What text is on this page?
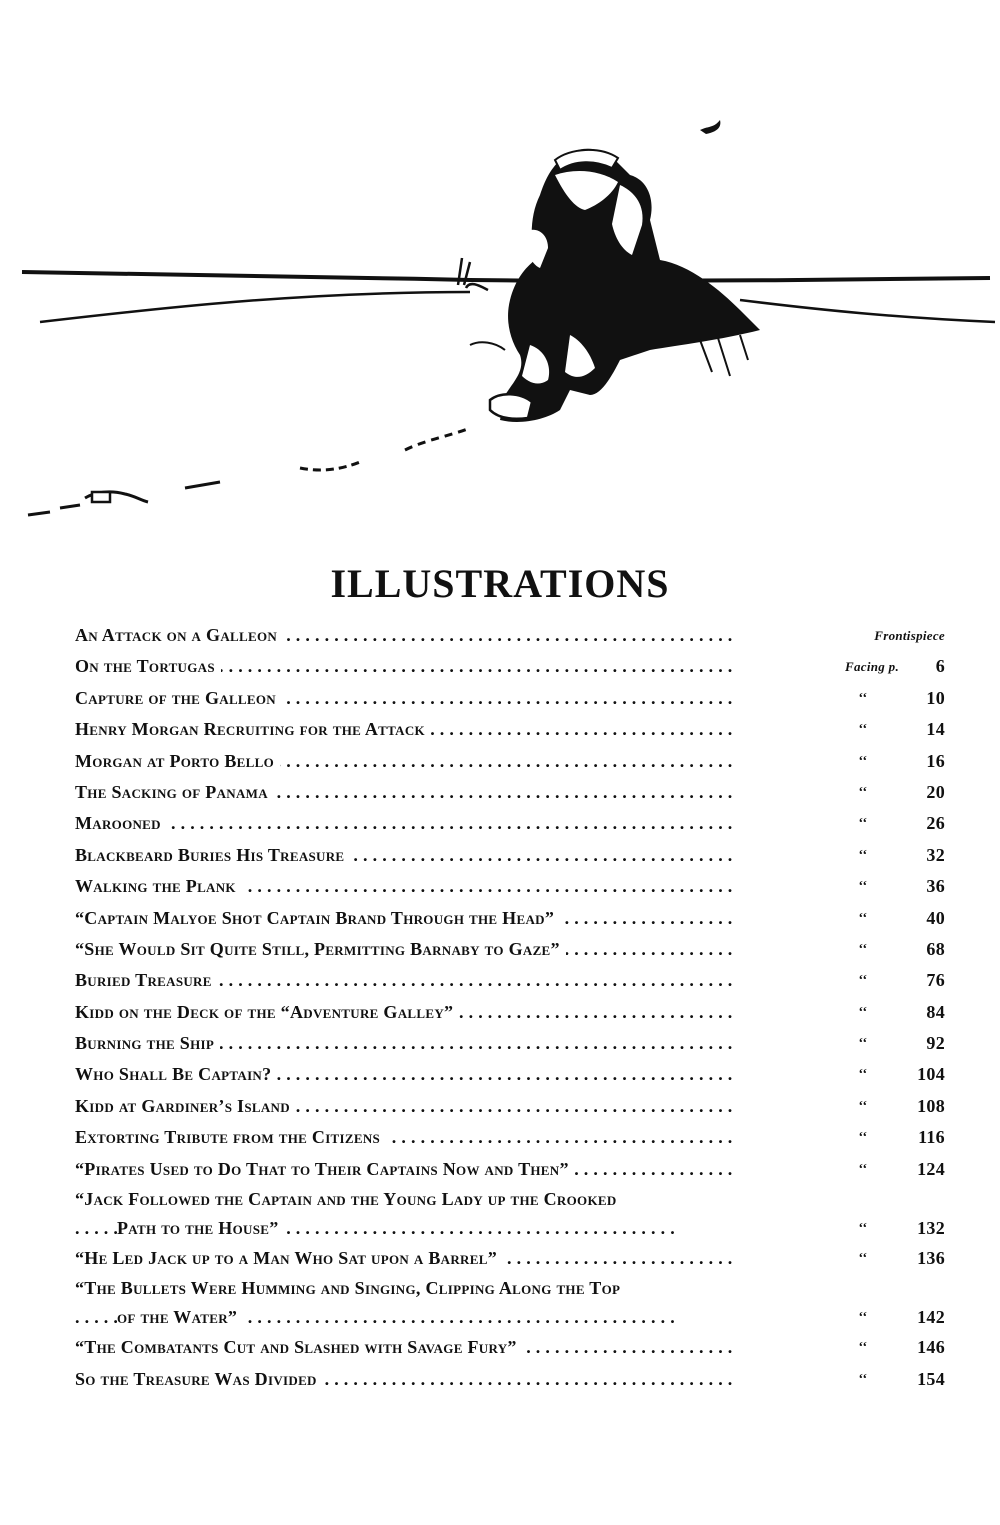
ILLUSTRATIONS
An Attack on a Galleon . . .	Frontispiece
On the Tortugas . . .	Facing p.	6
Capture of the Galleon . . .	‘‘	10
Henry Morgan Recruiting for the Attack . . .	‘‘	14
Morgan at Porto Bello . . .	‘‘	16
The Sacking of Panama . . .	‘‘	20
Marooned . . .	‘‘	26
Blackbeard Buries His Treasure . . .	‘‘	32
Walking the Plank . . .	‘‘	36
“Captain Malyoe Shot Captain Brand Through the Head” . . .	‘‘	40
“She Would Sit Quite Still, Permitting Barnaby to Gaze” . . .	‘‘	68
Buried Treasure . . .	‘‘	76
Kidd on the Deck of the “Adventure Galley” . . .	‘‘	84
Burning the Ship . . .	‘‘	92
Who Shall Be Captain? . . .	‘‘	104
Kidd at Gardiner’s Island . . .	‘‘	108
Extorting Tribute from the Citizens . . .	‘‘	116
“Pirates Used to Do That to Their Captains Now and Then” . . .	‘‘	124
“Jack Followed the Captain and the Young Lady up the Crooked
Path to the House” . . .	‘‘	132
“He Led Jack up to a Man Who Sat upon a Barrel” . . .	‘‘	136
“The Bullets Were Humming and Singing, Clipping Along the Top
of the Water” . . .	‘‘	142
“The Combatants Cut and Slashed with Savage Fury” . . .	‘‘	146
So the Treasure Was Divided . . .	‘‘	154
